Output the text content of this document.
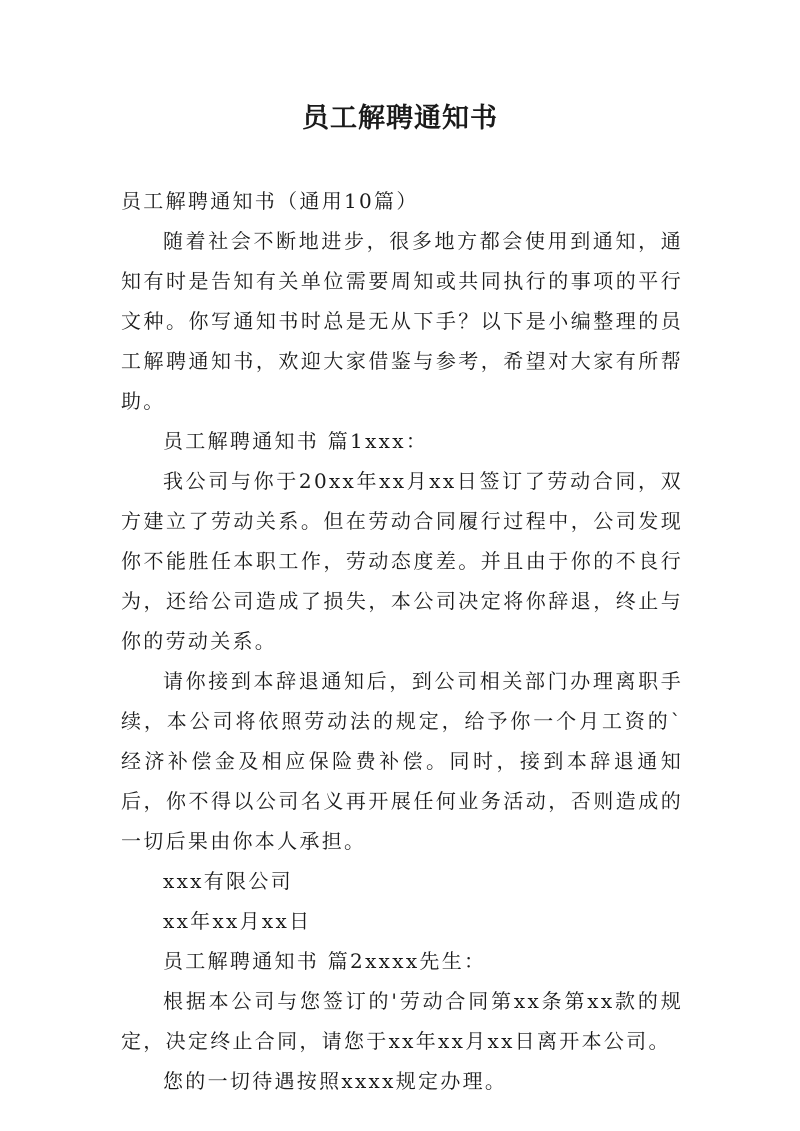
员工解聘通知书

员工解聘通知书（通用10篇）

随着社会不断地进步，很多地方都会使用到通知，通知有时是告知有关单位需要周知或共同执行的事项的平行文种。你写通知书时总是无从下手？以下是小编整理的员工解聘通知书，欢迎大家借鉴与参考，希望对大家有所帮助。

员工解聘通知书 篇1xxx：

我公司与你于20xx年xx月xx日签订了劳动合同，双方建立了劳动关系。但在劳动合同履行过程中，公司发现你不能胜任本职工作，劳动态度差。并且由于你的不良行为，还给公司造成了损失，本公司决定将你辞退，终止与你的劳动关系。

请你接到本辞退通知后，到公司相关部门办理离职手续，本公司将依照劳动法的规定，给予你一个月工资的`经济补偿金及相应保险费补偿。同时，接到本辞退通知后，你不得以公司名义再开展任何业务活动，否则造成的一切后果由你本人承担。

xxx有限公司

xx年xx月xx日

员工解聘通知书 篇2xxxx先生：

根据本公司与您签订的'劳动合同第xx条第xx款的规定，决定终止合同，请您于xx年xx月xx日离开本公司。

您的一切待遇按照xxxx规定办理。
